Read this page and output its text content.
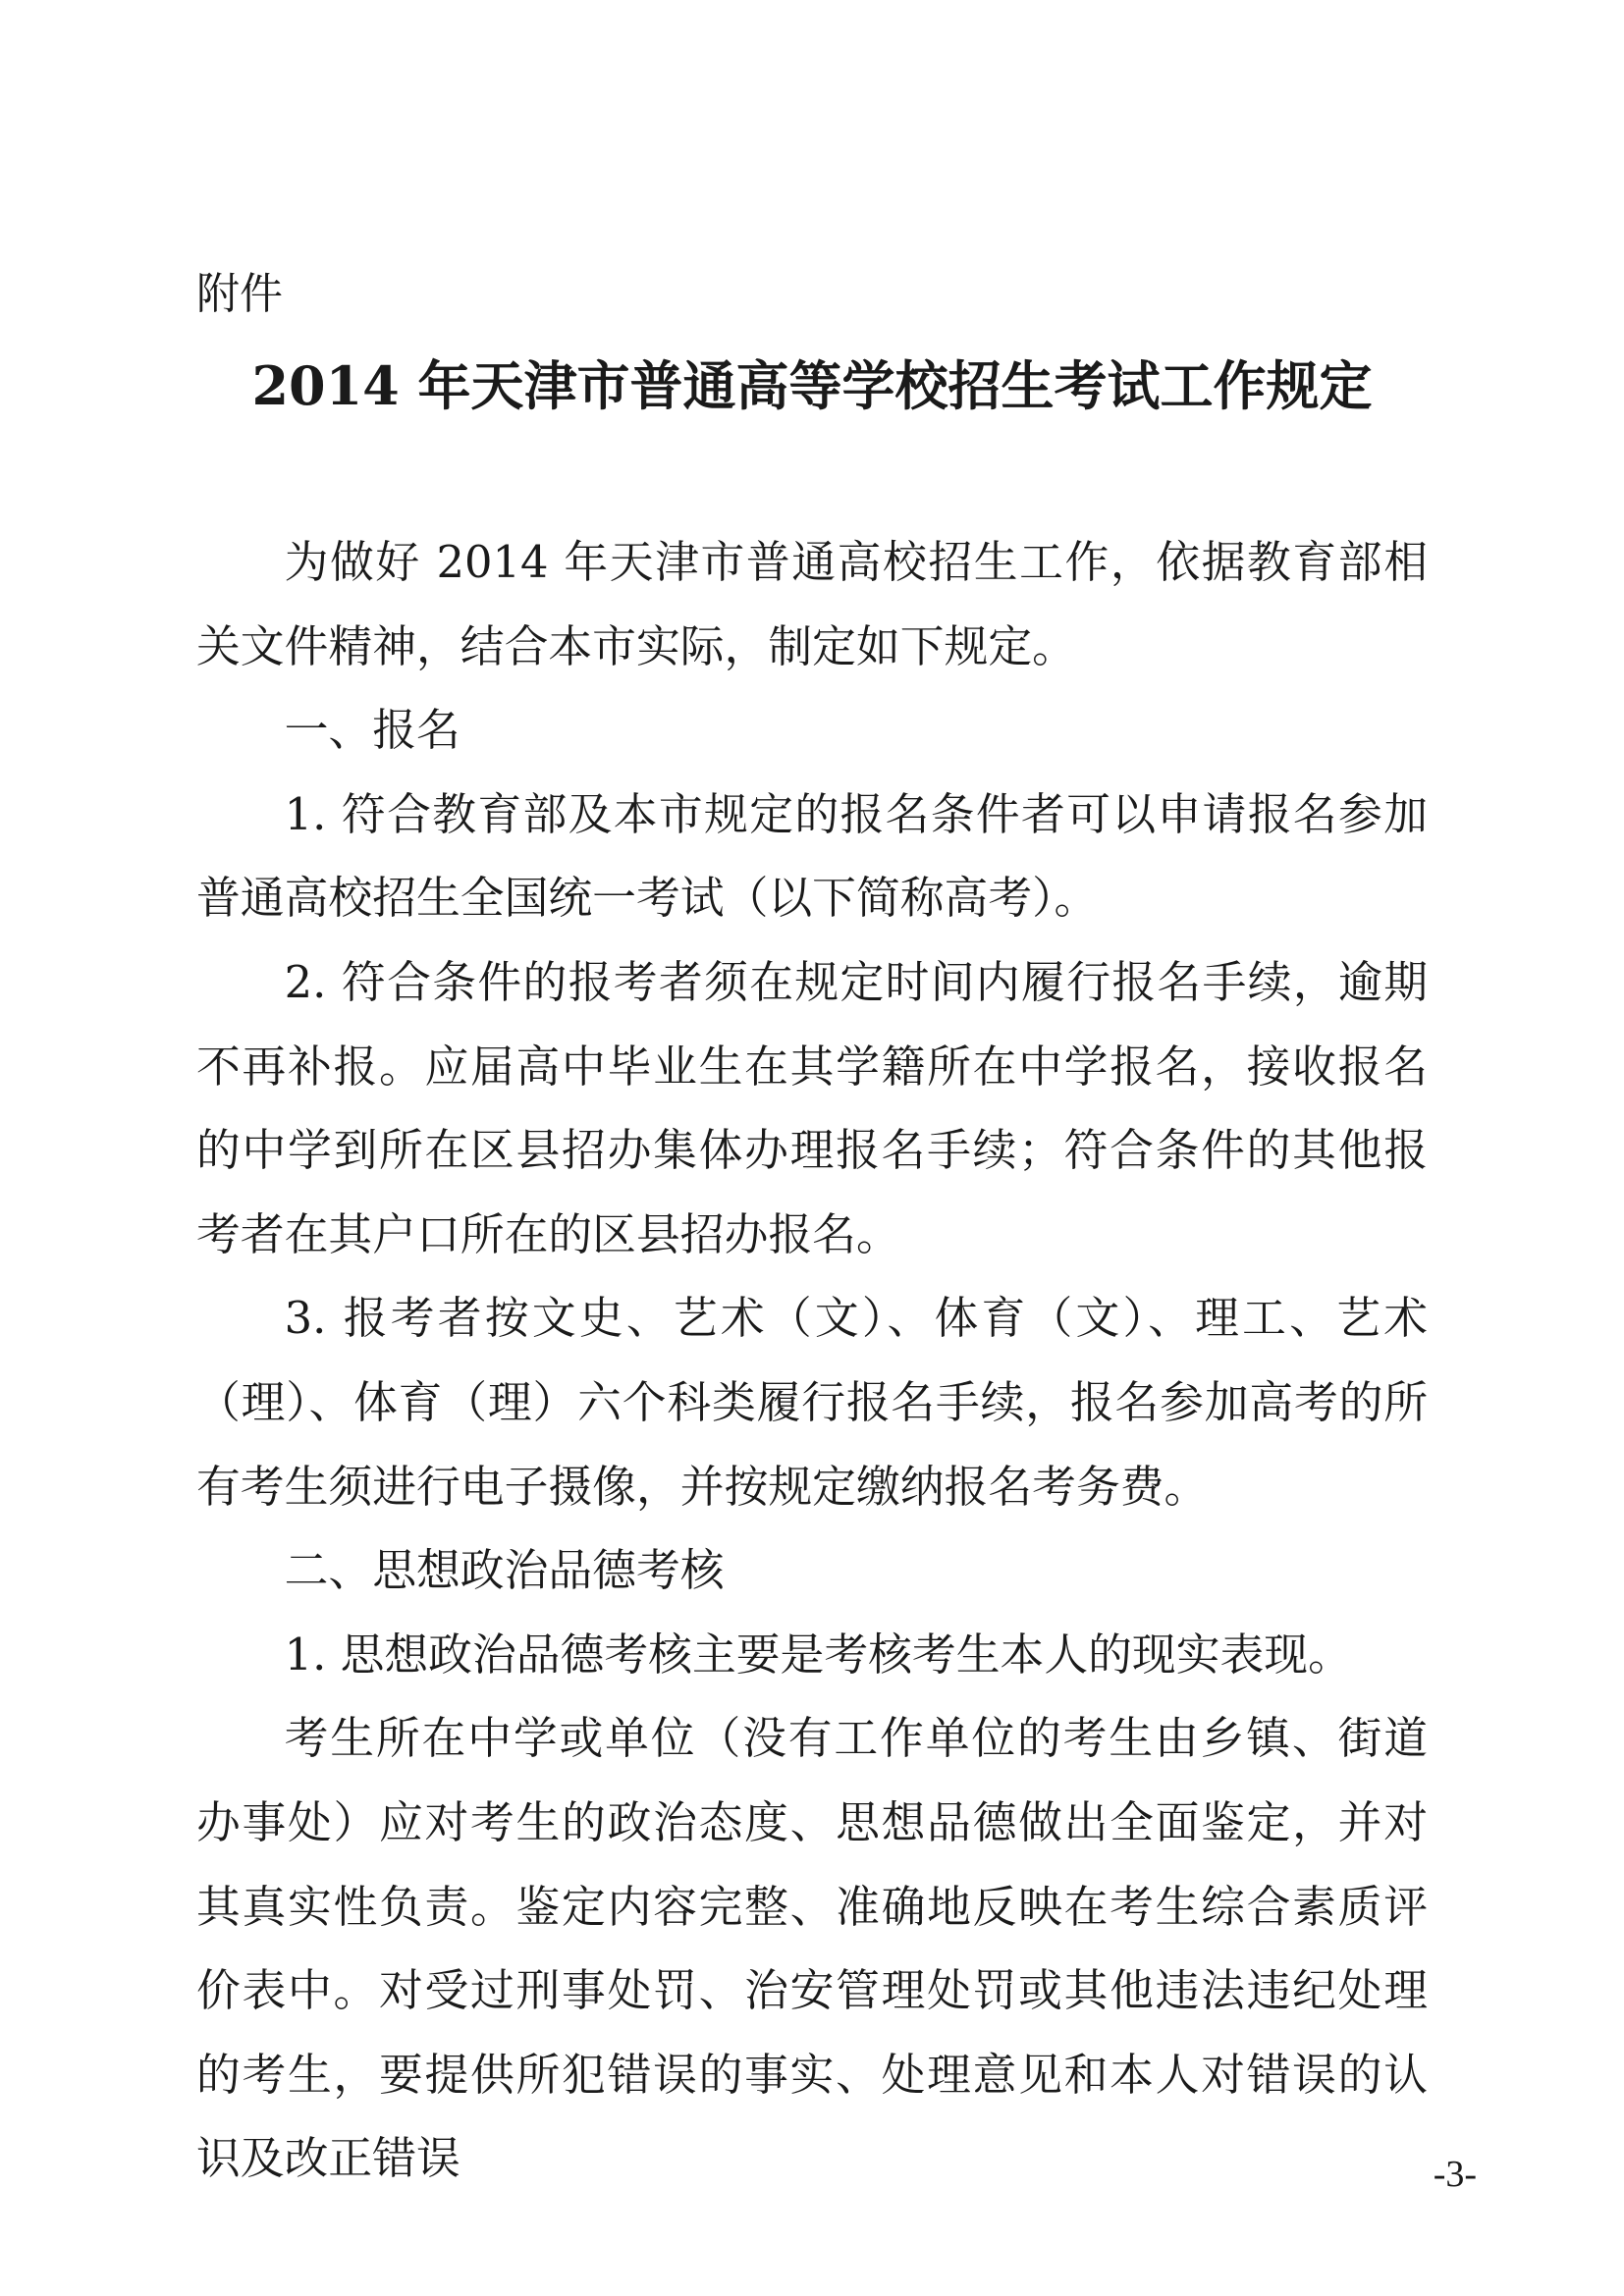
附件
2014 年天津市普通高等学校招生考试工作规定

为做好 2014 年天津市普通高校招生工作，依据教育部相关文件精神，结合本市实际，制定如下规定。

一、报名

1. 符合教育部及本市规定的报名条件者可以申请报名参加普通高校招生全国统一考试（以下简称高考）。

2. 符合条件的报考者须在规定时间内履行报名手续，逾期不再补报。应届高中毕业生在其学籍所在中学报名，接收报名的中学到所在区县招办集体办理报名手续；符合条件的其他报考者在其户口所在的区县招办报名。

3. 报考者按文史、艺术（文）、体育（文）、理工、艺术（理）、体育（理）六个科类履行报名手续，报名参加高考的所有考生须进行电子摄像，并按规定缴纳报名考务费。

二、思想政治品德考核

1. 思想政治品德考核主要是考核考生本人的现实表现。

考生所在中学或单位（没有工作单位的考生由乡镇、街道办事处）应对考生的政治态度、思想品德做出全面鉴定，并对其真实性负责。鉴定内容完整、准确地反映在考生综合素质评价表中。对受过刑事处罚、治安管理处罚或其他违法违纪处理的考生，要提供所犯错误的事实、处理意见和本人对错误的认识及改正错误	-3-
